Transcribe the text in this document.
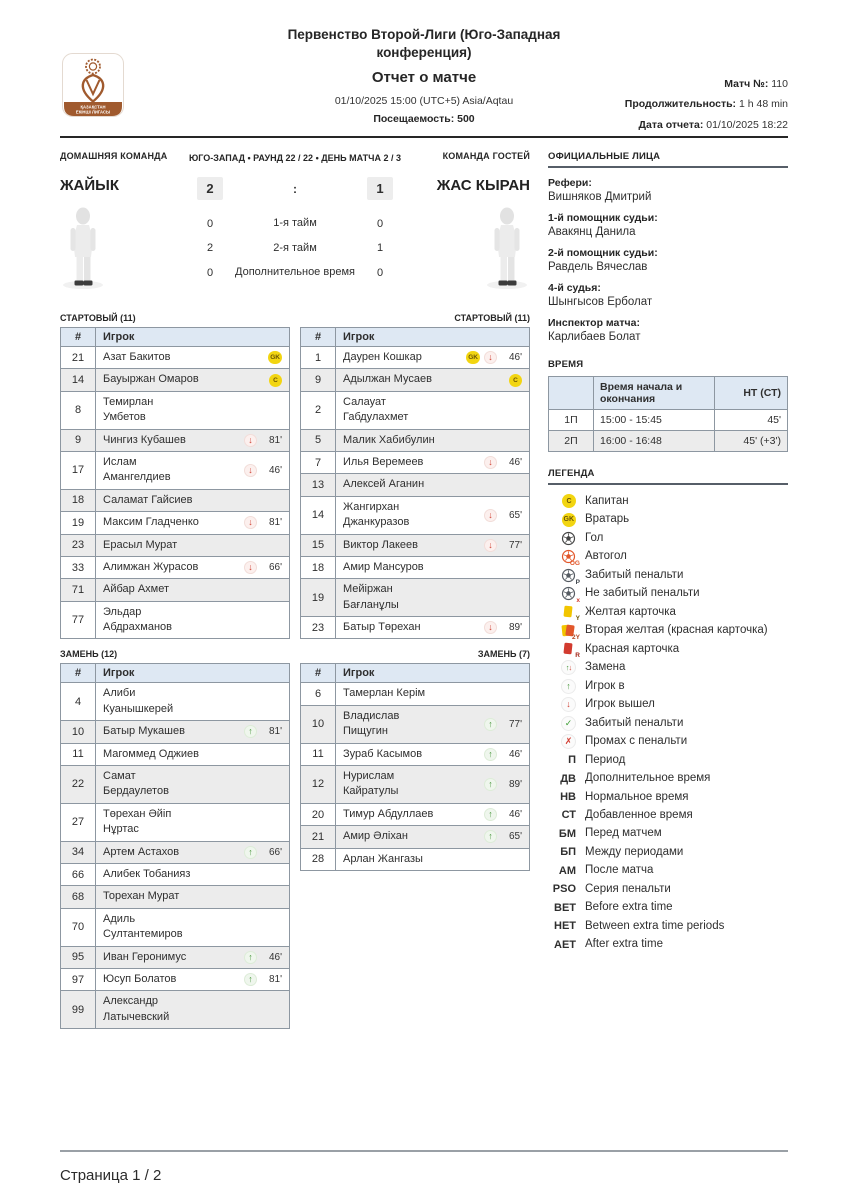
ҚАЗАҚСТАН
ЕКІНШІ ЛИГАСЫ
Первенство Второй-Лиги (Юго-Западная конференция)
Отчет о матче
01/10/2025 15:00 (UTC+5) Asia/Aqtau
Посещаемость: 500
Матч №: 110
Продолжительность: 1 h 48 min
Дата отчета: 01/10/2025 18:22
ДОМАШНЯЯ КОМАНДА
ЖАЙЫК
ЮГО-ЗАПАД • РАУНД 22 / 22 • ДЕНЬ МАТЧА 2 / 3
2	:	1
0	1-я тайм	0
2	2-я тайм	1
0	Дополнительное время	0
КОМАНДА ГОСТЕЙ
ЖАС КЫРАН
СТАРТОВЫЙ (11)
#	Игрок
21	Азат Бакитов GK

14	Бауыржан Омаров C

8	Темирлан Умбетов

9	Чингиз Кубашев ↓ 81'

17	Ислам Амангелдиев
↓ 46'

18	Саламат Гайсиев

19	Максим Гладченко ↓ 81'

23	Ерасыл Мурат

33	Алимжан Журасов ↓ 66'

71	Айбар Ахмет

77	Эльдар Абдрахманов
СТАРТОВЫЙ (11)
#	Игрок
1	Даурен Кошкар GK ↓ 46'

9	Адылжан Мусаев C

2	Салауат Габдулахмет

5	Малик Хабибулин

7	Илья Веремеев ↓ 46'

13	Алексей Аганин

14	Жангирхан Джанкуразов
↓ 65'

15	Виктор Лакеев ↓ 77'

18	Амир Мансуров

19	Мейіржан Бағланұлы

23	Батыр Төрехан ↓ 89'
ЗАМЕНЬ (12)
#	Игрок
4	Алиби Куанышкерей

10	Батыр Мукашев ↑ 81'

11	Магоммед Оджиев

22	Самат Бердаулетов

27	Төрехан Әйіп Нұртас

34	Артем Астахов ↑ 66'

66	Алибек Тобанияз

68	Торехан Мурат

70	Адиль Султантемиров

95	Иван Геронимус ↑ 46'

97	Юсуп Болатов ↑ 81'

99	Александр Латычевский
ЗАМЕНЬ (7)
#	Игрок
6	Тамерлан Керім

10	Владислав Пищугин
↑ 77'

11	Зураб Касымов ↑ 46'

12	Нурислам Кайратулы
↑ 89'

20	Тимур Абдуллаев ↑ 46'

21	Амир Әліхан ↑ 65'

28	Арлан Жангазы
ОФИЦИАЛЬНЫЕ ЛИЦА
Рефери:
Вишняков Дмитрий
1-й помощник судьи:
Авакянц Данила
2-й помощник судьи:
Равдель Вячеслав
4-й судья:
Шынгысов Ерболат
Инспектор матча:
Карлибаев Болат
ВРЕМЯ
	Время начала и окончания	НТ (СТ)
1П	15:00 - 15:45	45'
2П	16:00 - 16:48	45' (+3')
ЛЕГЕНДА
C	Капитан
GK Вратарь
Гол
OG
Автогол
P
Забитый пенальти
x
Не забитый пенальти
Y
Желтая карточка
2Y
Вторая желтая (красная карточка)
R
Красная карточка
↑ ↓ Замена
↑ Игрок в
↓ Игрок вышел
✓ Забитый пенальти
✗ Промах с пенальти
П Период
ДВ Дополнительное время
НВ Нормальное время
СТ Добавленное время
БМ Перед матчем
БП Между периодами
АМ После матча
PSO Серия пенальти
BET Before extra time
HET Between extra time periods
AET After extra time
Страница 1 / 2
